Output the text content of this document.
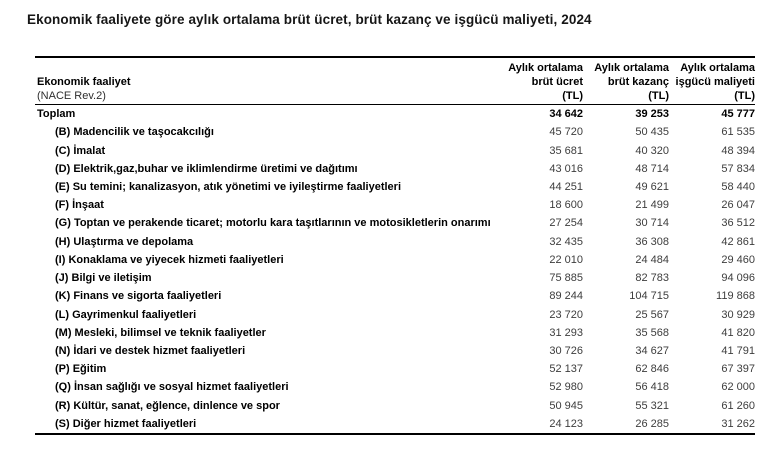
Ekonomik faaliyete göre aylık ortalama brüt ücret, brüt kazanç ve işgücü maliyeti, 2024
Ekonomik faaliyet
(NACE Rev.2)
Aylık ortalama
brüt ücret
(TL)
Aylık ortalama
brüt kazanç
(TL)
Aylık ortalama
işgücü maliyeti
(TL)
Toplam	34 642	39 253	45 777
(B) Madencilik ve taşocakcılığı	45 720	50 435	61 535
(C) İmalat	35 681	40 320	48 394
(D) Elektrik,gaz,buhar ve iklimlendirme üretimi ve dağıtımı	43 016	48 714	57 834
(E) Su temini; kanalizasyon, atık yönetimi ve iyileştirme faaliyetleri	44 251	49 621	58 440
(F) İnşaat	18 600	21 499	26 047
(G) Toptan ve perakende ticaret; motorlu kara taşıtlarının ve motosikletlerin onarımı	27 254	30 714	36 512
(H) Ulaştırma ve depolama	32 435	36 308	42 861
(I) Konaklama ve yiyecek hizmeti faaliyetleri	22 010	24 484	29 460
(J) Bilgi ve iletişim	75 885	82 783	94 096
(K) Finans ve sigorta faaliyetleri	89 244	104 715	119 868
(L) Gayrimenkul faaliyetleri	23 720	25 567	30 929
(M) Mesleki, bilimsel ve teknik faaliyetler	31 293	35 568	41 820
(N) İdari ve destek hizmet faaliyetleri	30 726	34 627	41 791
(P) Eğitim	52 137	62 846	67 397
(Q) İnsan sağlığı ve sosyal hizmet faaliyetleri	52 980	56 418	62 000
(R) Kültür, sanat, eğlence, dinlence ve spor	50 945	55 321	61 260
(S) Diğer hizmet faaliyetleri	24 123	26 285	31 262
